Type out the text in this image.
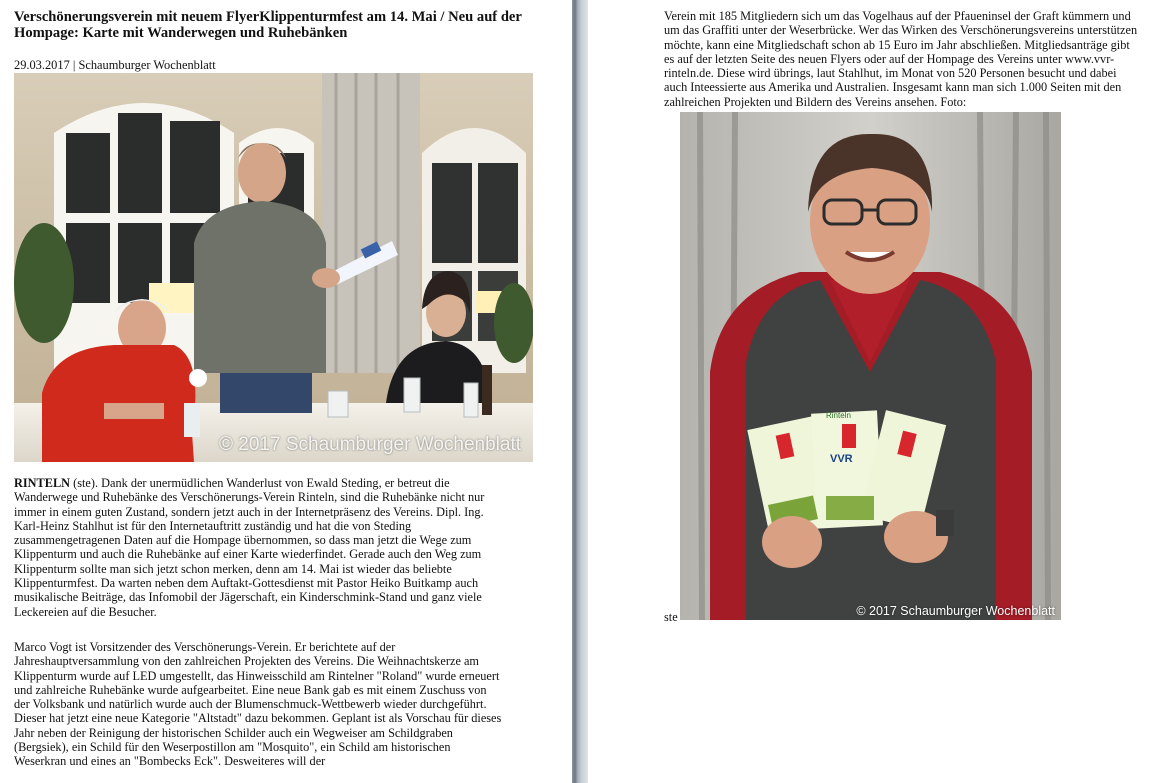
Verschönerungsverein mit neuem FlyerKlippenturmfest am 14. Mai / Neu auf der Hompage: Karte mit Wanderwegen und Ruhebänken
29.03.2017 | Schaumburger Wochenblatt
© 2017 Schaumburger Wochenblatt

RINTELN (ste). Dank der unermüdlichen Wanderlust von Ewald Steding, er betreut die Wanderwege und Ruhebänke des Verschönerungs-Verein Rinteln, sind die Ruhebänke nicht nur immer in einem guten Zustand, sondern jetzt auch in der Internetpräsenz des Vereins. Dipl. Ing. Karl-Heinz Stahlhut ist für den Internetauftritt zuständig und hat die von Steding zusammengetragenen Daten auf die Hompage übernommen, so dass man jetzt die Wege zum Klippenturm und auch die Ruhebänke auf einer Karte wiederfindet. Gerade auch den Weg zum Klippenturm sollte man sich jetzt schon merken, denn am 14. Mai ist wieder das beliebte Klippenturmfest. Da warten neben dem Auftakt-Gottesdienst mit Pastor Heiko Buitkamp auch musikalische Beiträge, das Infomobil der Jägerschaft, ein Kinderschmink-Stand und ganz viele Leckereien auf die Besucher.

Marco Vogt ist Vorsitzender des Verschönerungs-Verein. Er berichtete auf der Jahreshauptversammlung von den zahlreichen Projekten des Vereins. Die Weihnachtskerze am Klippenturm wurde auf LED umgestellt, das Hinweisschild am Rintelner "Roland" wurde erneuert und zahlreiche Ruhebänke wurde aufgearbeitet. Eine neue Bank gab es mit einem Zuschuss von der Volksbank und natürlich wurde auch der Blumenschmuck-Wettbewerb wieder durchgeführt. Dieser hat jetzt eine neue Kategorie "Altstadt" dazu bekommen. Geplant ist als Vorschau für dieses Jahr neben der Reinigung der historischen Schilder auch ein Wegweiser am Schildgraben (Bergsiek), ein Schild für den Weserpostillon am "Mosquito", ein Schild am historischen Weserkran und eines an "Bombecks Eck". Desweiteres will der

Verein mit 185 Mitgliedern sich um das Vogelhaus auf der Pfaueninsel der Graft kümmern und um das Graffiti unter der Weserbrücke. Wer das Wirken des Verschönerungsvereins unterstützen möchte, kann eine Mitgliedschaft schon ab 15 Euro im Jahr abschließen. Mitgliedsanträge gibt es auf der letzten Seite des neuen Flyers oder auf der Hompage des Vereins unter www.vvr-rinteln.de. Diese wird übrings, laut Stahlhut, im Monat von 520 Personen besucht und dabei auch Inteessierte aus Amerika und Australien. Insgesamt kann man sich 1.000 Seiten mit den zahlreichen Projekten und Bildern des Vereins ansehen. Foto:

VVR
Rinteln
© 2017 Schaumburger Wochenblatt
ste
